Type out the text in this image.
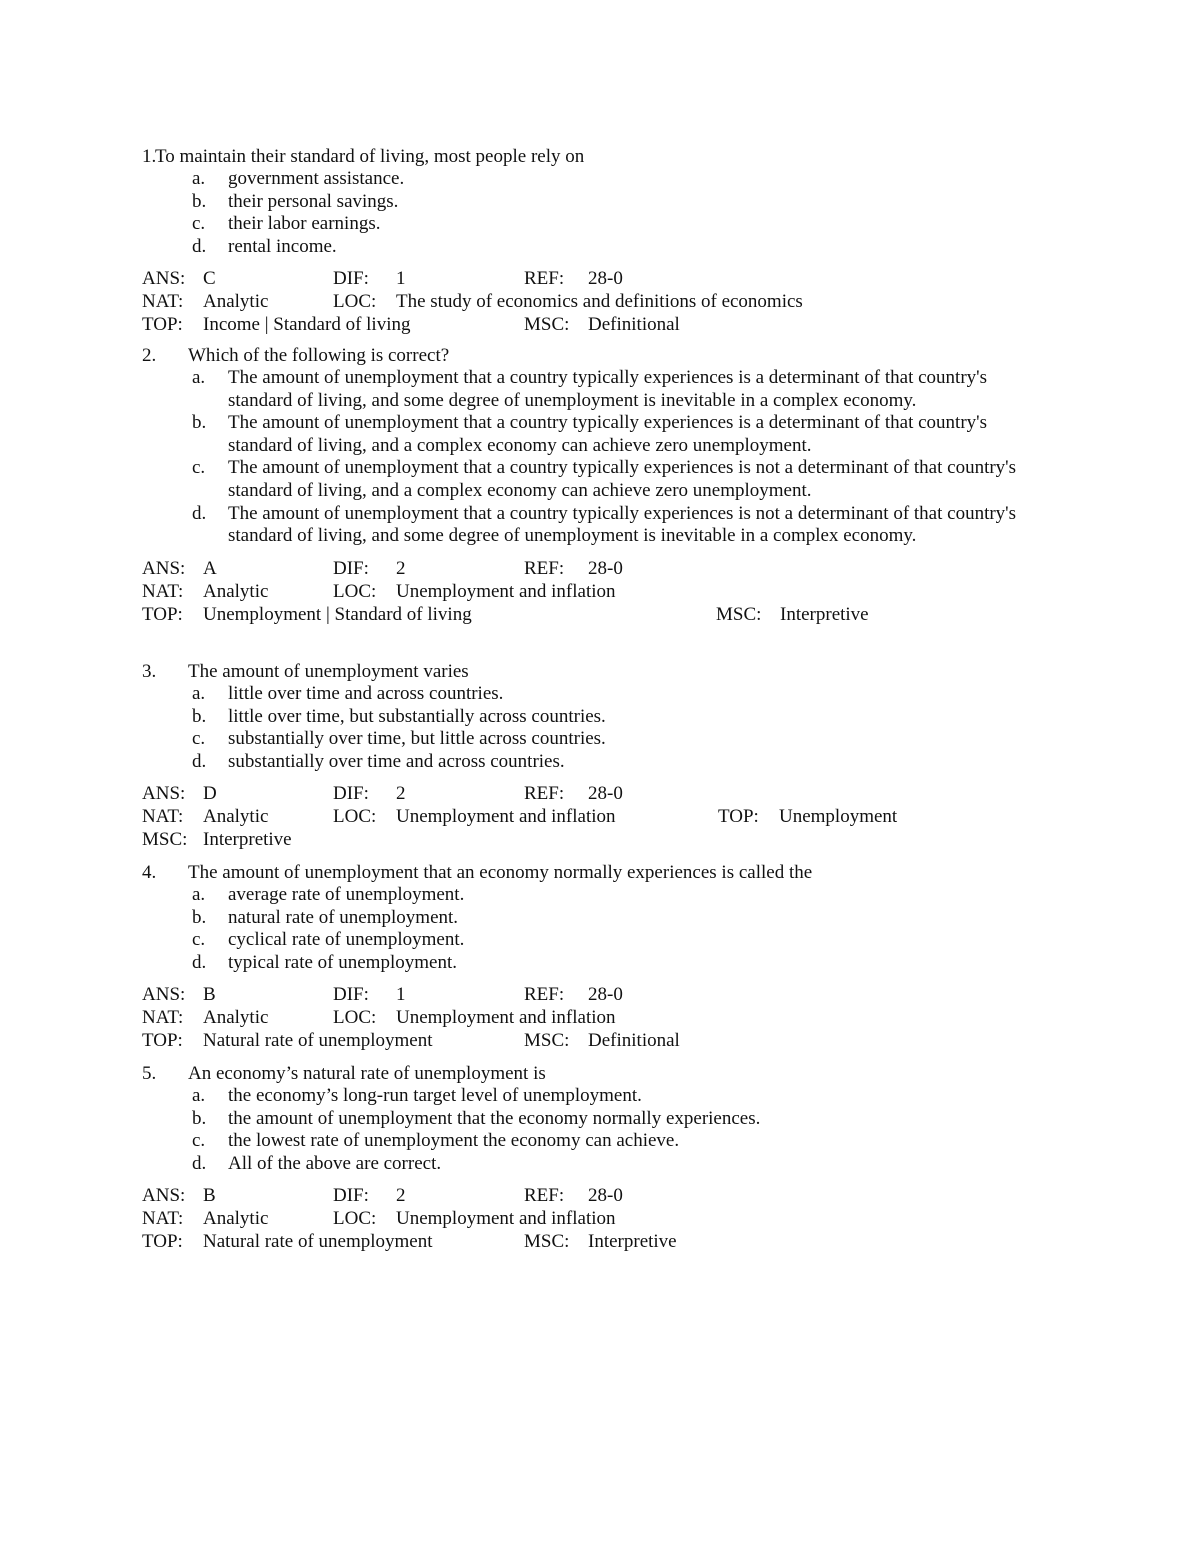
1.
To maintain their standard of living, most people rely on
a. government assistance.
b. their personal savings.
c. their labor earnings.
d. rental income.
ANS: C	DIF: 1	REF: 28-0
NAT: Analytic	LOC: The study of economics and definitions of economics
TOP: Income | Standard of living	MSC: Definitional
2. Which of the following is correct?
a. The amount of unemployment that a country typically experiences is a determinant of that country's standard of living, and some degree of unemployment is inevitable in a complex economy.
b. The amount of unemployment that a country typically experiences is a determinant of that country's standard of living, and a complex economy can achieve zero unemployment.
c. The amount of unemployment that a country typically experiences is not a determinant of that country's standard of living, and a complex economy can achieve zero unemployment.
d. The amount of unemployment that a country typically experiences is not a determinant of that country's standard of living, and some degree of unemployment is inevitable in a complex economy.
ANS: A	DIF: 2	REF: 28-0
NAT: Analytic	LOC: Unemployment and inflation
TOP: Unemployment | Standard of living	MSC: Interpretive
3. The amount of unemployment varies
a. little over time and across countries.
b. little over time, but substantially across countries.
c. substantially over time, but little across countries.
d. substantially over time and across countries.
ANS: D	DIF: 2	REF: 28-0
NAT: Analytic	LOC: Unemployment and inflation	TOP: Unemployment
MSC: Interpretive
4. The amount of unemployment that an economy normally experiences is called the
a. average rate of unemployment.
b. natural rate of unemployment.
c. cyclical rate of unemployment.
d. typical rate of unemployment.
ANS: B	DIF: 1	REF: 28-0
NAT: Analytic	LOC: Unemployment and inflation
TOP: Natural rate of unemployment	MSC: Definitional
5. An economy’s natural rate of unemployment is
a. the economy’s long-run target level of unemployment.
b. the amount of unemployment that the economy normally experiences.
c. the lowest rate of unemployment the economy can achieve.
d. All of the above are correct.
ANS: B	DIF: 2	REF: 28-0
NAT: Analytic	LOC: Unemployment and inflation
TOP: Natural rate of unemployment	MSC: Interpretive
